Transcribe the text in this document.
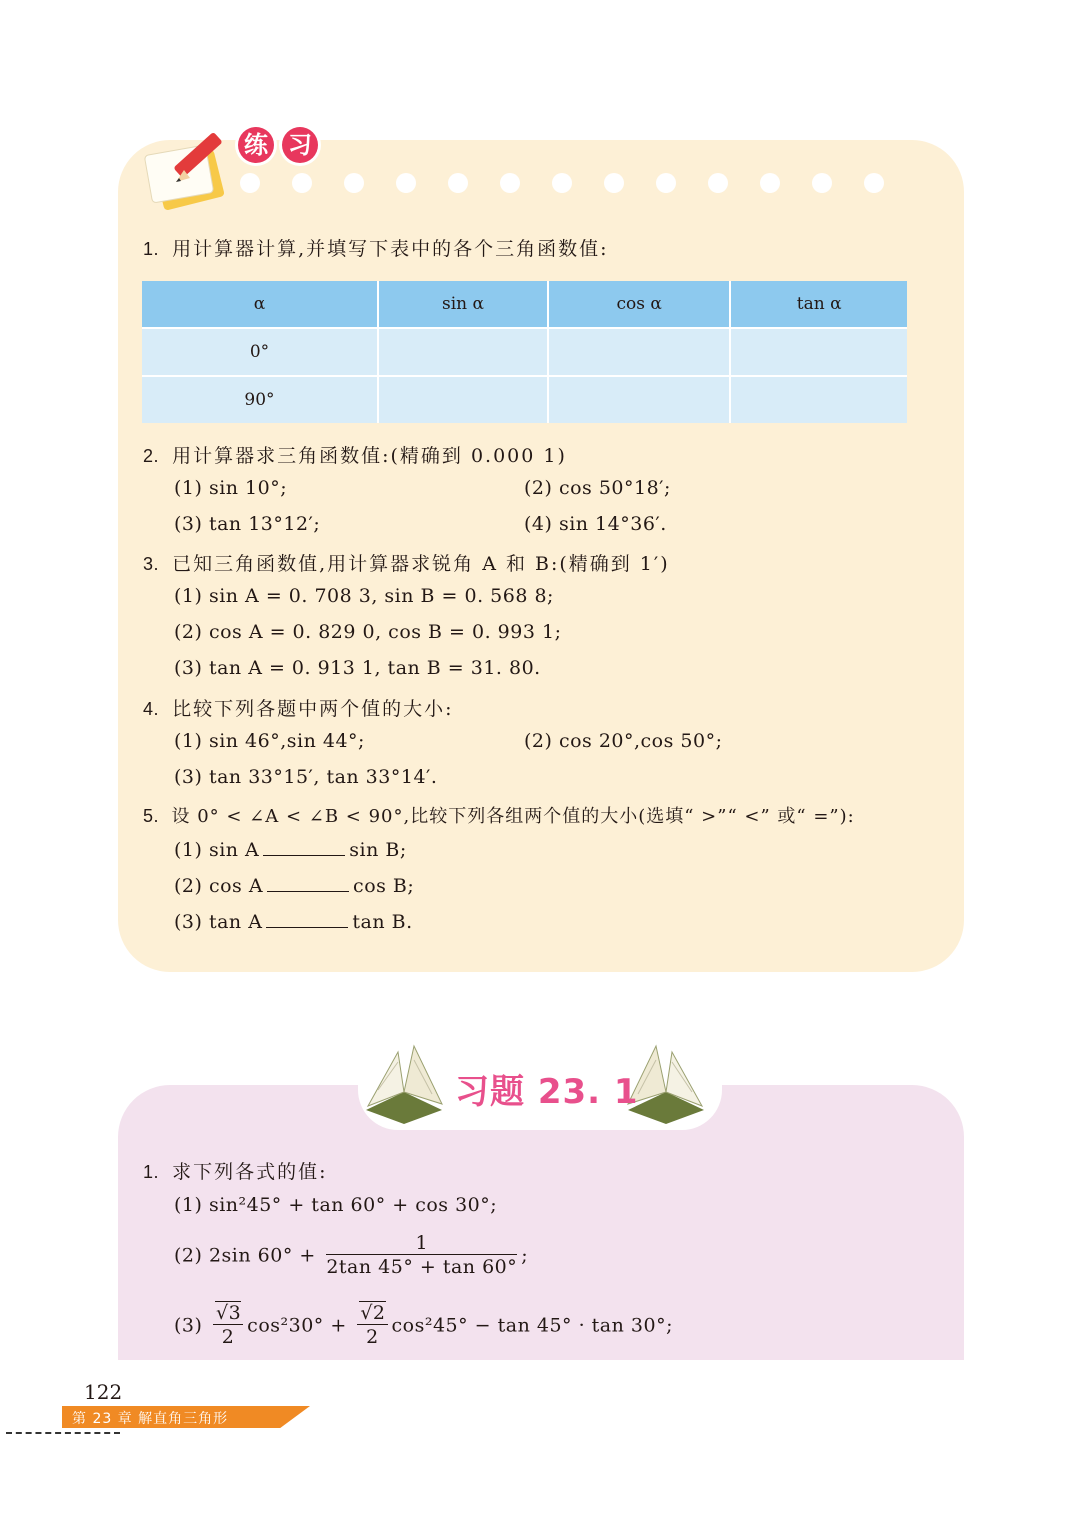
练 习
1. 用计算器计算,并填写下表中的各个三角函数值:
α	sin α	cos α	tan α
0°			
90°			
2. 用计算器求三角函数值:(精确到 0.000 1)
(1) sin 10°;	(2) cos 50°18′;
(3) tan 13°12′;	(4) sin 14°36′.
3. 已知三角函数值,用计算器求锐角 A 和 B:(精确到 1′)
(1) sin A = 0. 708 3, sin B = 0. 568 8;
(2) cos A = 0. 829 0, cos B = 0. 993 1;
(3) tan A = 0. 913 1, tan B = 31. 80.
4. 比较下列各题中两个值的大小:
(1) sin 46°,sin 44°;	(2) cos 20°,cos 50°;
(3) tan 33°15′, tan 33°14′.
5. 设 0° < ∠A < ∠B < 90°,比较下列各组两个值的大小(选填“ >”“ <” 或“ =”):
(1) sin A	sin B;
(2) cos A	cos B;
(3) tan A	tan B.
习题 23. 1
1. 求下列各式的值:
(1) sin²45° + tan 60° + cos 30°;
(2) 2sin $60^\circ + \frac{1}{2\tan 45^\circ + \tan 60^\circ}$ ;
$(3) \frac{√3}{2} \cos^230^\circ + \frac{√2}{2} \cos^245^\circ - \tan 45^\circ \cdot \tan 30^\circ$;
122
第 23 章 解直角三角形
